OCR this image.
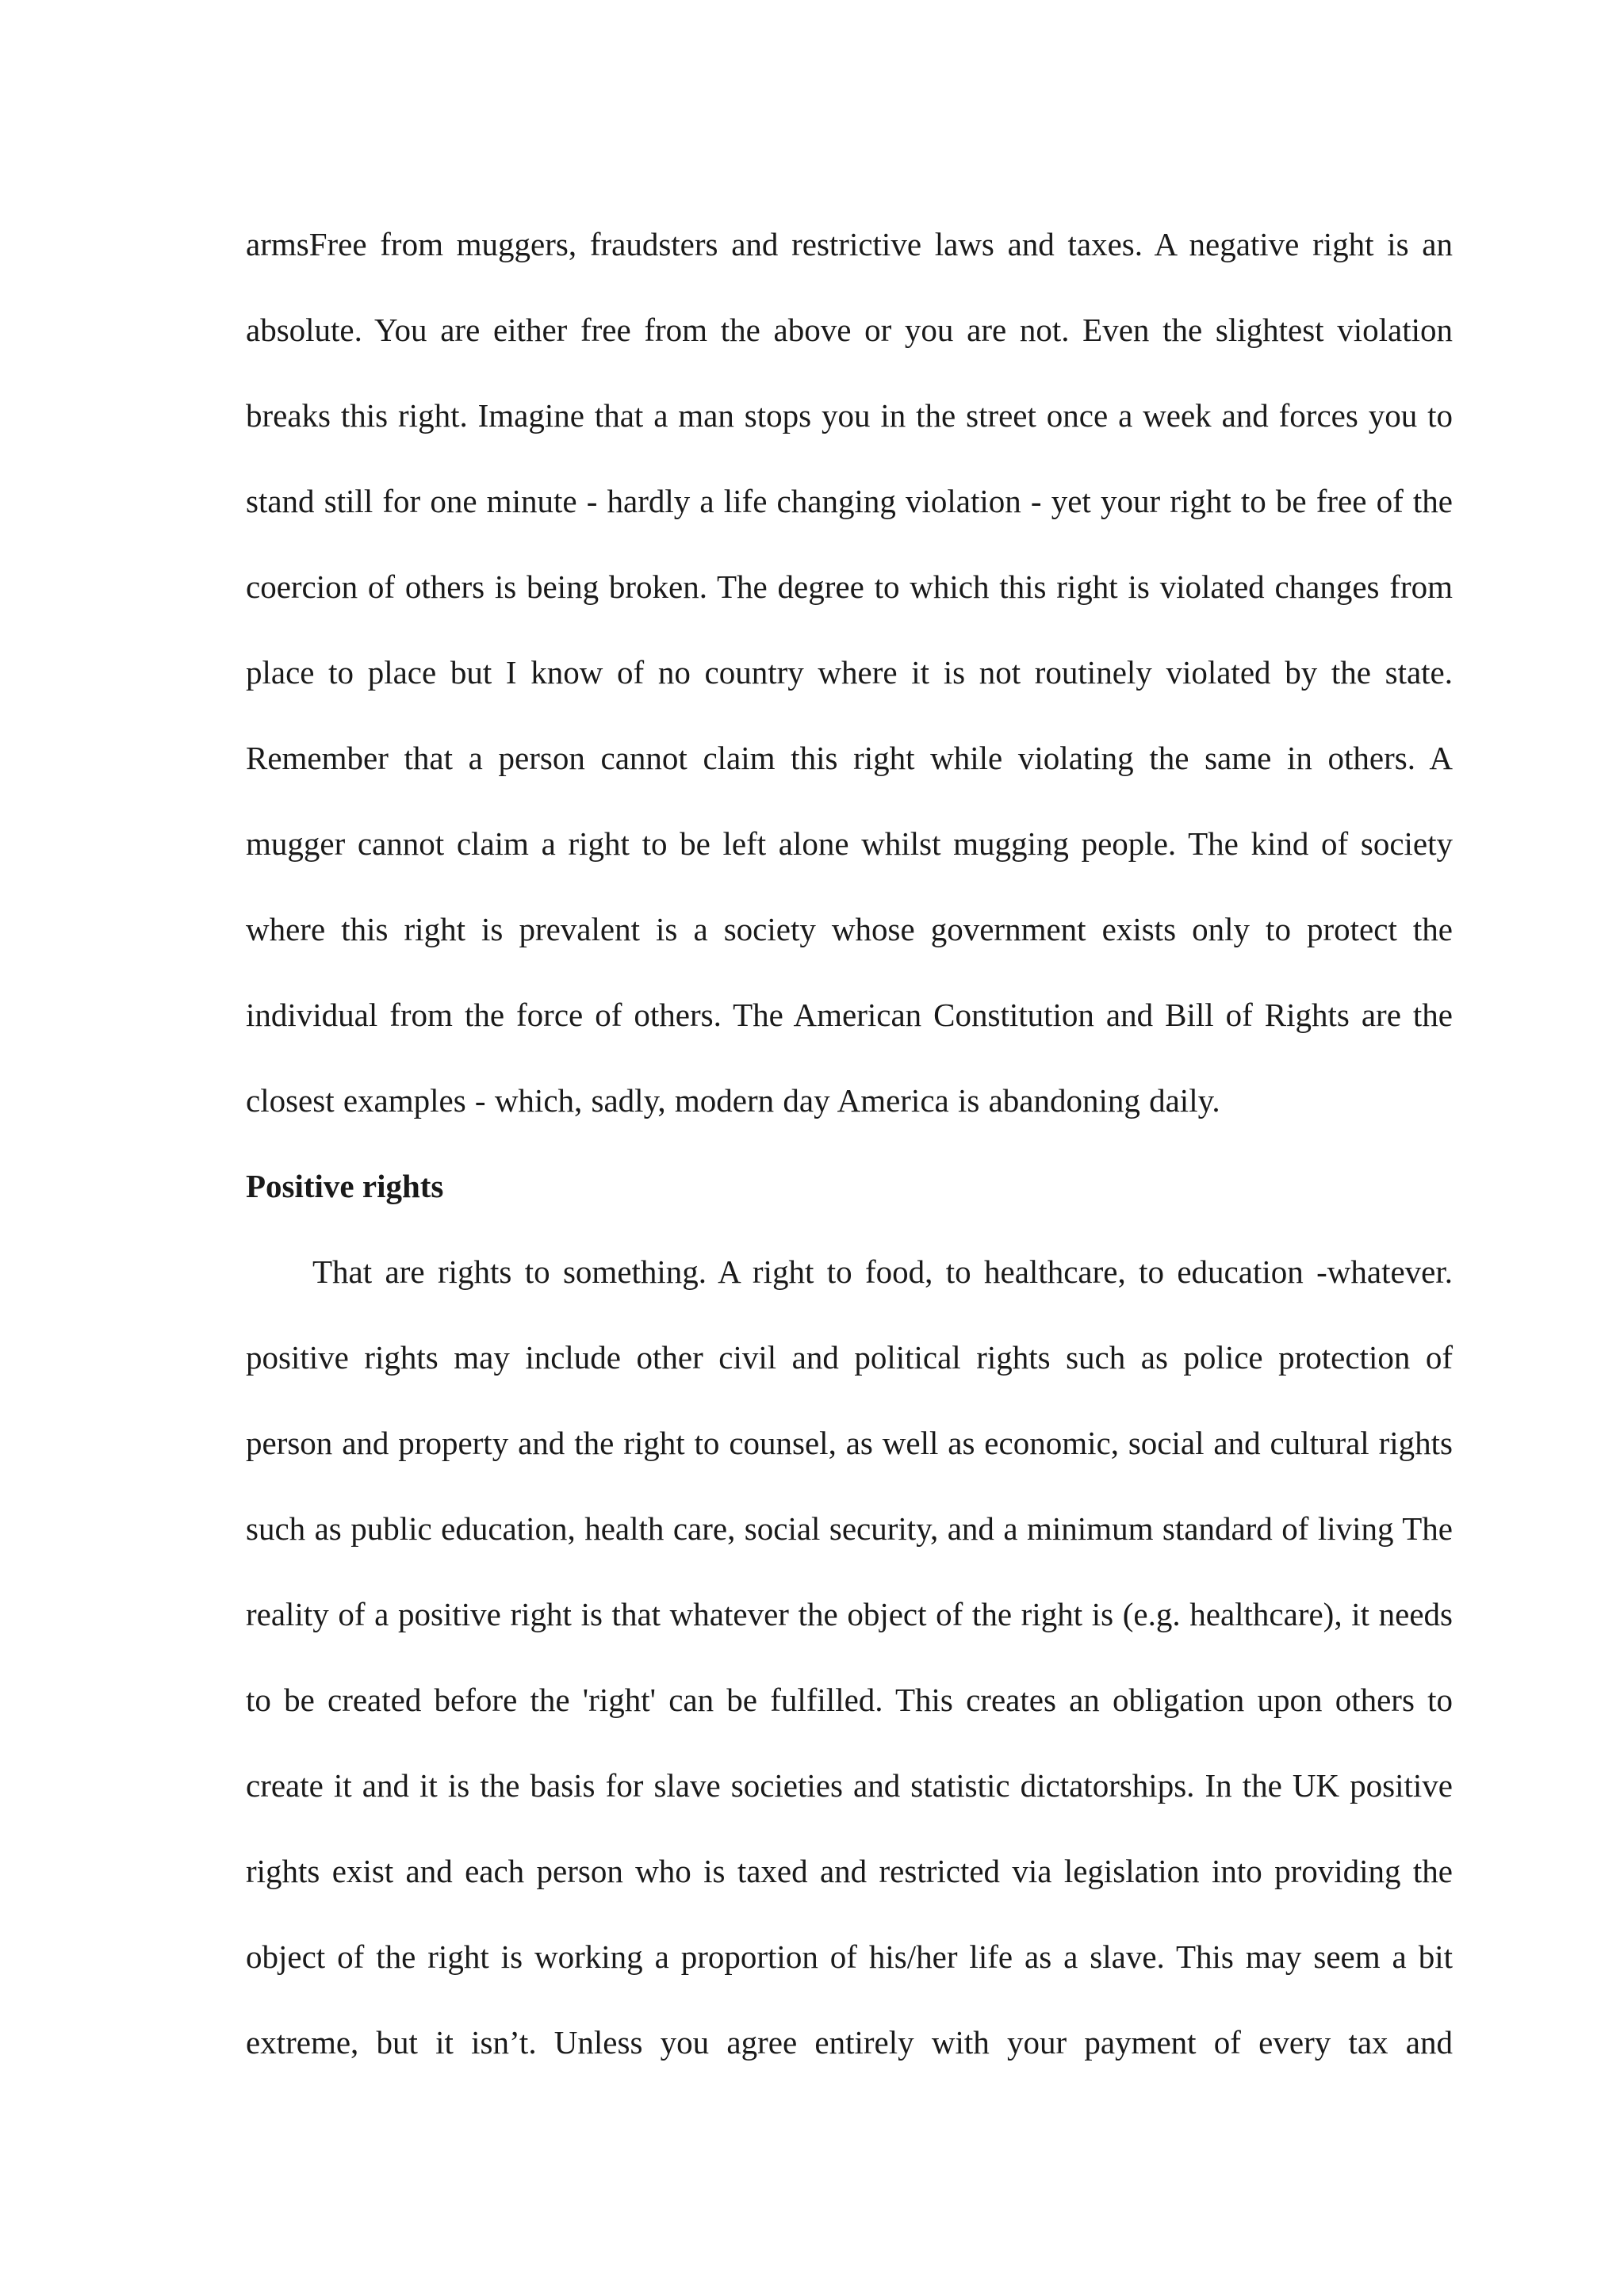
armsFree from muggers, fraudsters and restrictive laws and taxes. A negative right is an
absolute. You are either free from the above or you are not. Even the slightest violation
breaks this right. Imagine that a man stops you in the street once a week and forces you to
stand still for one minute - hardly a life changing violation - yet your right to be free of the
coercion of others is being broken. The degree to which this right is violated changes from
place to place but I know of no country where it is not routinely violated by the state.
Remember that a person cannot claim this right while violating the same in others. A
mugger cannot claim a right to be left alone whilst mugging people. The kind of society
where this right is prevalent is a society whose government exists only to protect the
individual from the force of others. The American Constitution and Bill of Rights are the
closest examples - which, sadly, modern day America is abandoning daily.
Positive rights
That are rights to something. A right to food, to healthcare, to education -whatever.
positive rights may include other civil and political rights such as police protection of
person and property and the right to counsel, as well as economic, social and cultural rights
such as public education, health care, social security, and a minimum standard of living The
reality of a positive right is that whatever the object of the right is (e.g. healthcare), it needs
to be created before the 'right' can be fulfilled. This creates an obligation upon others to
create it and it is the basis for slave societies and statistic dictatorships. In the UK positive
rights exist and each person who is taxed and restricted via legislation into providing the
object of the right is working a proportion of his/her life as a slave. This may seem a bit
extreme, but it isn’t. Unless you agree entirely with your payment of every tax and
